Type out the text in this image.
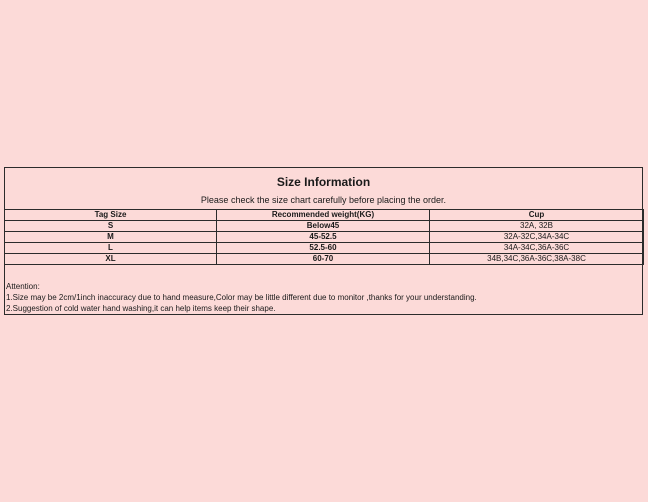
Size Information
Please check the size chart carefully before placing the order.
Tag Size	Recommended weight(KG)	Cup
S	Below45	32A, 32B
M	45-52.5	32A-32C,34A-34C
L	52.5-60	34A-34C,36A-36C
XL	60-70	34B,34C,36A-36C,38A-38C
Attention:
1.Size may be 2cm/1inch inaccuracy due to hand measure,Color may be little different due to monitor ,thanks for your understanding.
2.Suggestion of cold water hand washing,it can help items keep their shape.
